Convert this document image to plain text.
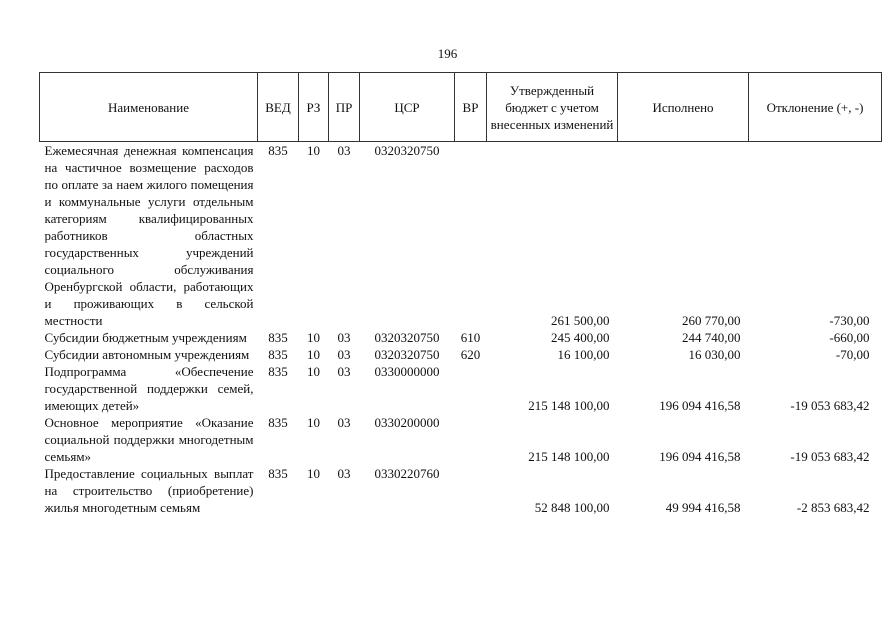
196
Наименование	ВЕД	РЗ	ПР	ЦСР	ВР	Утвержденный бюджет с учетом внесенных изменений	Исполнено	Отклонение (+, -)
Ежемесячная денежная компенсация на частичное возмещение расходов по оплате за наем жилого помещения и коммунальные услуги отдельным категориям квалифицированных работников областных государственных учреждений социального обслуживания Оренбургской области, работающих и проживающих в сельской местности	835	10	03	0320320750		261 500,00	260 770,00	-730,00
Субсидии бюджетным учреждениям	835	10	03	0320320750	610	245 400,00	244 740,00	-660,00
Субсидии автономным учреждениям	835	10	03	0320320750	620	16 100,00	16 030,00	-70,00
Подпрограмма «Обеспечение государственной поддержки семей, имеющих детей»	835	10	03	0330000000		215 148 100,00	196 094 416,58	-19 053 683,42
Основное мероприятие «Оказание социальной поддержки многодетным семьям»	835	10	03	0330200000		215 148 100,00	196 094 416,58	-19 053 683,42
Предоставление социальных выплат на строительство (приобретение) жилья многодетным семьям	835	10	03	0330220760		52 848 100,00	49 994 416,58	-2 853 683,42
